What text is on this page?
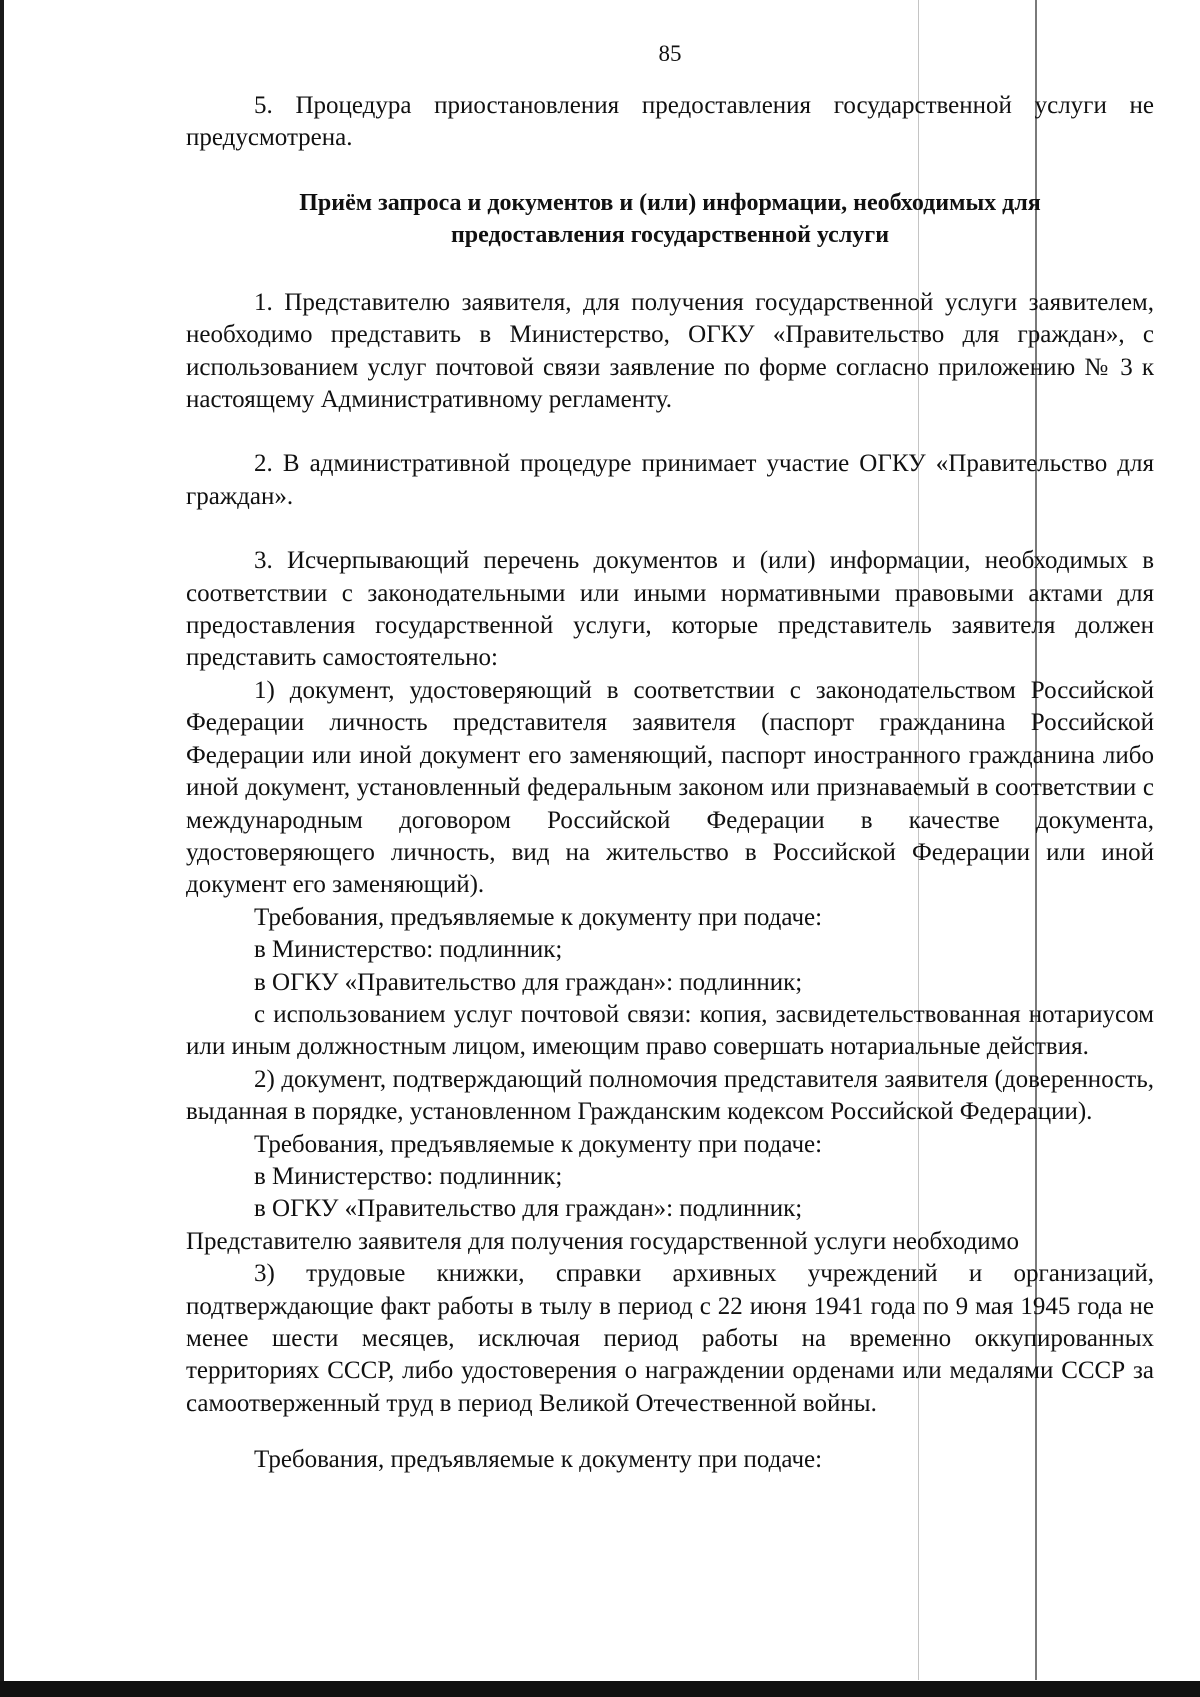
85

5. Процедура приостановления предоставления государственной услуги не предусмотрена.

Приём запроса и документов и (или) информации, необходимых для
предоставления государственной услуги

1. Представителю заявителя, для получения государственной услуги заявителем, необходимо представить в Министерство, ОГКУ «Правительство для граждан», с использованием услуг почтовой связи заявление по форме согласно приложению № 3 к настоящему Административному регламенту.

2. В административной процедуре принимает участие ОГКУ «Правительство для граждан».

3. Исчерпывающий перечень документов и (или) информации, необходимых в соответствии с законодательными или иными нормативными правовыми актами для предоставления государственной услуги, которые представитель заявителя должен представить самостоятельно:

1) документ, удостоверяющий в соответствии с законодательством Российской Федерации личность представителя заявителя (паспорт гражданина Российской Федерации или иной документ его заменяющий, паспорт иностранного гражданина либо иной документ, установленный федеральным законом или признаваемый в соответствии с международным договором Российской Федерации в качестве документа, удостоверяющего личность, вид на жительство в Российской Федерации или иной документ его заменяющий).

Требования, предъявляемые к документу при подаче:

в Министерство: подлинник;

в ОГКУ «Правительство для граждан»: подлинник;

с использованием услуг почтовой связи: копия, засвидетельствованная нотариусом или иным должностным лицом, имеющим право совершать нотариальные действия.

2) документ, подтверждающий полномочия представителя заявителя (доверенность, выданная в порядке, установленном Гражданским кодексом Российской Федерации).

Требования, предъявляемые к документу при подаче:

в Министерство: подлинник;

в ОГКУ «Правительство для граждан»: подлинник;

Представителю заявителя для получения государственной услуги необходимо

3) трудовые книжки, справки архивных учреждений и организаций, подтверждающие факт работы в тылу в период с 22 июня 1941 года по 9 мая 1945 года не менее шести месяцев, исключая период работы на временно оккупированных территориях СССР, либо удостоверения о награждении орденами или медалями СССР за самоотверженный труд в период Великой Отечественной войны.

Требования, предъявляемые к документу при подаче:
